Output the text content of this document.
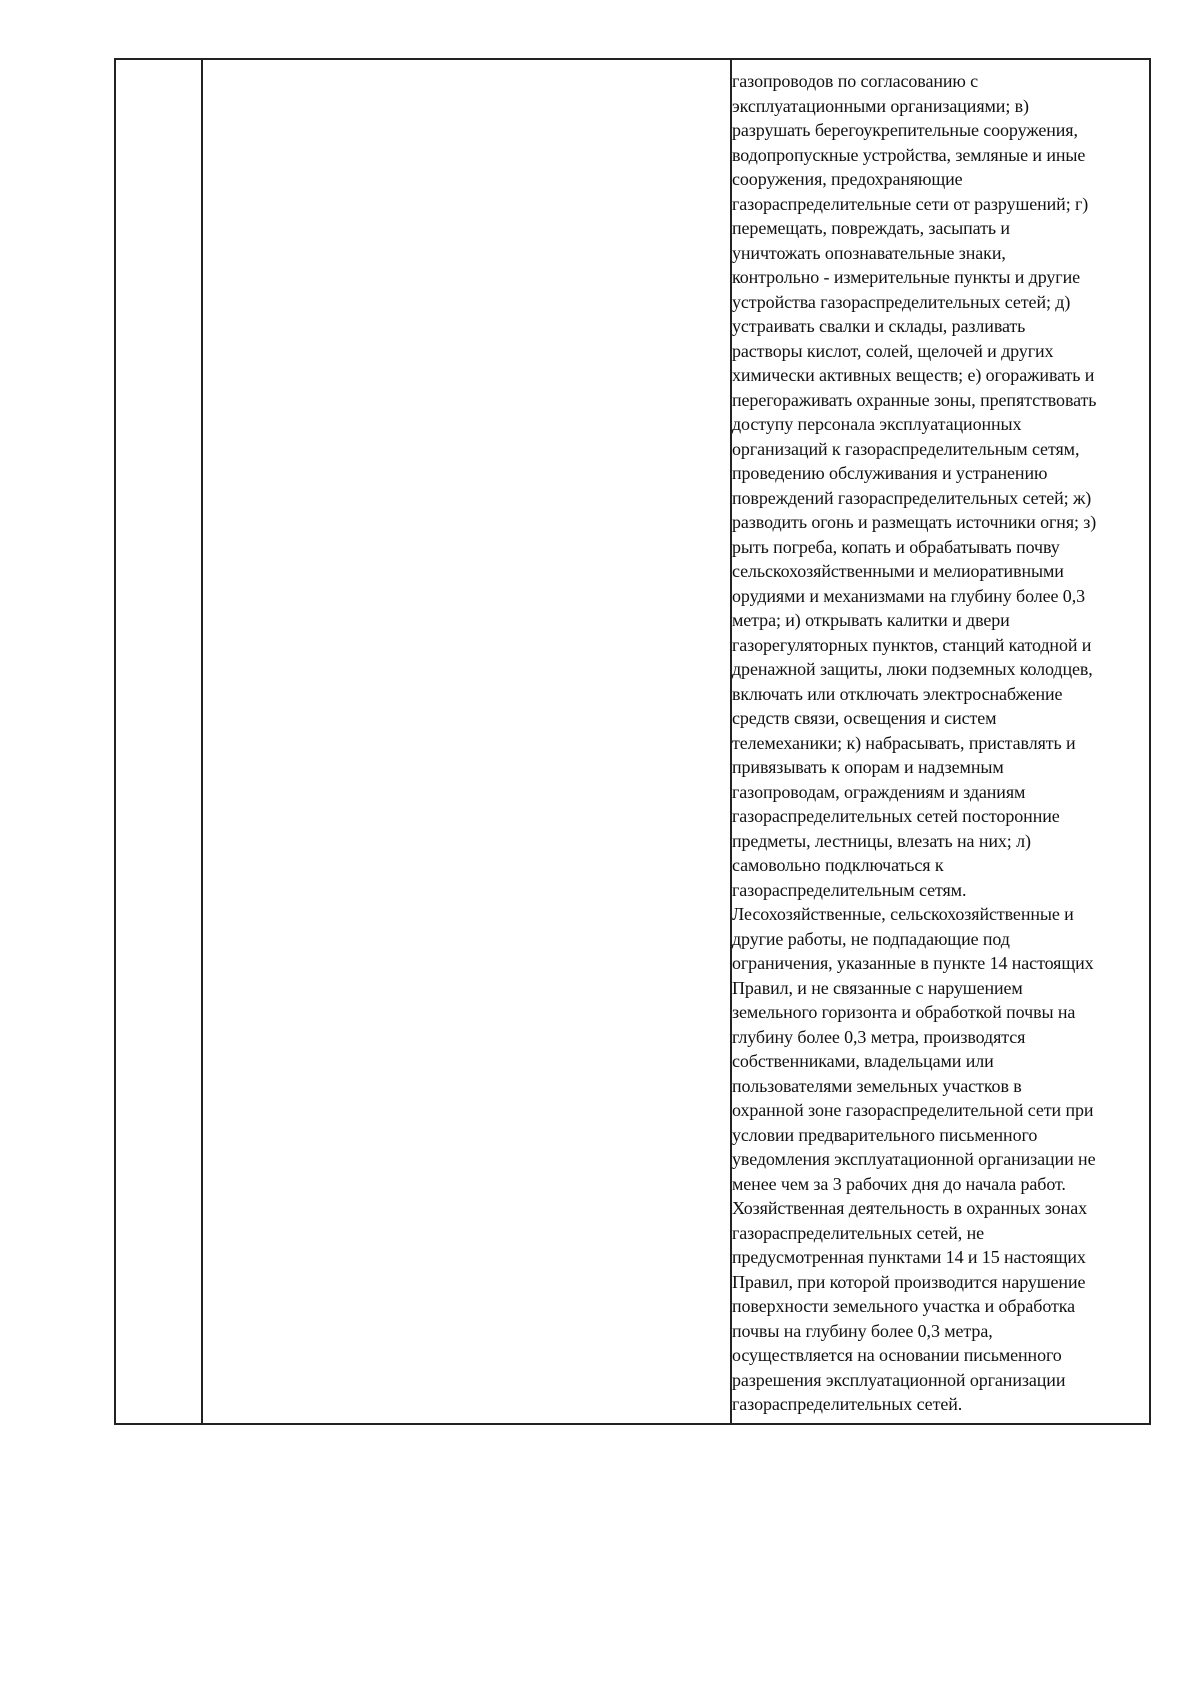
газопроводов по согласованию с
эксплуатационными организациями; в)
разрушать берегоукрепительные сооружения,
водопропускные устройства, земляные и иные
сооружения, предохраняющие
газораспределительные сети от разрушений; г)
перемещать, повреждать, засыпать и
уничтожать опознавательные знаки,
контрольно - измерительные пункты и другие
устройства газораспределительных сетей; д)
устраивать свалки и склады, разливать
растворы кислот, солей, щелочей и других
химически активных веществ; е) огораживать и
перегораживать охранные зоны, препятствовать
доступу персонала эксплуатационных
организаций к газораспределительным сетям,
проведению обслуживания и устранению
повреждений газораспределительных сетей; ж)
разводить огонь и размещать источники огня; з)
рыть погреба, копать и обрабатывать почву
сельскохозяйственными и мелиоративными
орудиями и механизмами на глубину более 0,3
метра; и) открывать калитки и двери
газорегуляторных пунктов, станций катодной и
дренажной защиты, люки подземных колодцев,
включать или отключать электроснабжение
средств связи, освещения и систем
телемеханики; к) набрасывать, приставлять и
привязывать к опорам и надземным
газопроводам, ограждениям и зданиям
газораспределительных сетей посторонние
предметы, лестницы, влезать на них; л)
самовольно подключаться к
газораспределительным сетям.
Лесохозяйственные, сельскохозяйственные и
другие работы, не подпадающие под
ограничения, указанные в пункте 14 настоящих
Правил, и не связанные с нарушением
земельного горизонта и обработкой почвы на
глубину более 0,3 метра, производятся
собственниками, владельцами или
пользователями земельных участков в
охранной зоне газораспределительной сети при
условии предварительного письменного
уведомления эксплуатационной организации не
менее чем за 3 рабочих дня до начала работ.
Хозяйственная деятельность в охранных зонах
газораспределительных сетей, не
предусмотренная пунктами 14 и 15 настоящих
Правил, при которой производится нарушение
поверхности земельного участка и обработка
почвы на глубину более 0,3 метра,
осуществляется на основании письменного
разрешения эксплуатационной организации
газораспределительных сетей.
